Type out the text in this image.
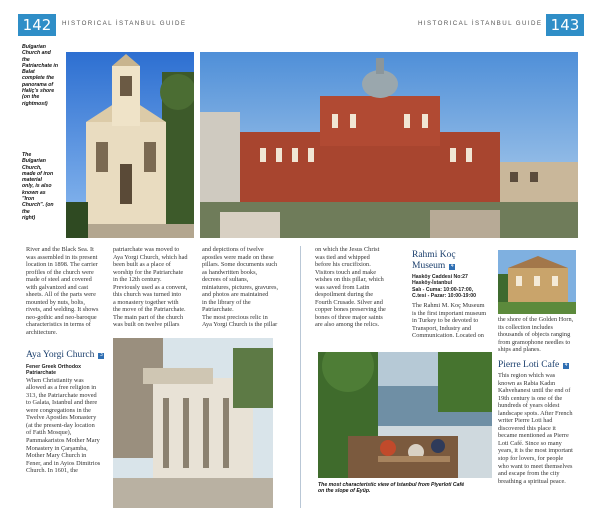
142	HISTORICAL İSTANBUL GUIDE	HISTORICAL İSTANBUL GUIDE 143
Bulgarian
Church and
the
Patriarchate in
Balat
complete the
panorama of
Haliç's shore
(on the
rightmost)
The
Bulgarian
Church,
made of iron
material
only, is also
known as
"Iron
Church". (on
the
right)
River and the Black Sea. It
was assembled in its present
location in 1898. The carrier
profiles of the church were
made of steel and covered
with galvanized and cast
sheets. All of the parts were
mounted by nuts, bolts,
rivets, and welding. It shows
neo-gothic and neo-baroque
characteristics in terms of
architecture.
Aya Yorgi Church 3
Fener Greek Orthodox
Patriarchate
When Christianity was
allowed as a free religion in
313, the Patriarchate moved
to Galata, Istanbul and there
were congregations in the
Twelve Apostles Monastery
(at the present-day location
of Fatih Mosque),
Pammakaristos Mother Mary
Monastery in Çarşamba,
Mother Mary Church in
Fener, and in Ayios Dimitrios
Church. In 1601, the
patriarchate was moved to
Aya Yorgi Church, which had
been built as a place of
worship for the Patriarchate
in the 12th century.
Previously used as a convent,
this church was turned into
a monastery together with
the move of the Patriarchate.
The main part of the church
was built on twelve pillars
and depictions of twelve
apostles were made on these
pillars. Some documents such
as handwritten books,
decrees of sultans,
miniatures, pictures, gravures,
and photos are maintained
in the library of the
Patriarchate.
The most precious relic in
Aya Yorgi Church is the pillar
on which the Jesus Christ
was tied and whipped
before his crucifixion.
Visitors touch and make
wishes on this pillar, which
was saved from Latin
despoilment during the
Fourth Crusade. Silver and
copper bones preserving the
bones of three major saints
are also among the relics.
Rahmi Koç
Museum 4
Hasköy Caddesi No:27
Hasköy-İstanbul
Salı - Cuma: 10:00-17:00,
C.tesi - Pazar: 10:00-19:00
The Rahmi M. Koç Museum
is the first important museum
in Turkey to be devoted to
Transport, Industry and
Communication. Located on
the shore of the Golden Horn,
its collection includes
thousands of objects ranging
from gramophone needles to
ships and planes.
Pierre Loti Cafe 4
This region which was
known as Rabia Kadın
Kahvehanesi until the end of
19th century is one of the
hundreds of years oldest
landscape spots. After French
writer Pierre Loti had
discovered this place it
became mentioned as Pierre
Loti Café. Since so many
years, it is the most important
stop for lovers, for people
who want to meet themselves
and escape from the city
breathing a spiritual peace.
The most characteristic view of Istanbul from Piyerloti Café
on the slope of Eyüp.
